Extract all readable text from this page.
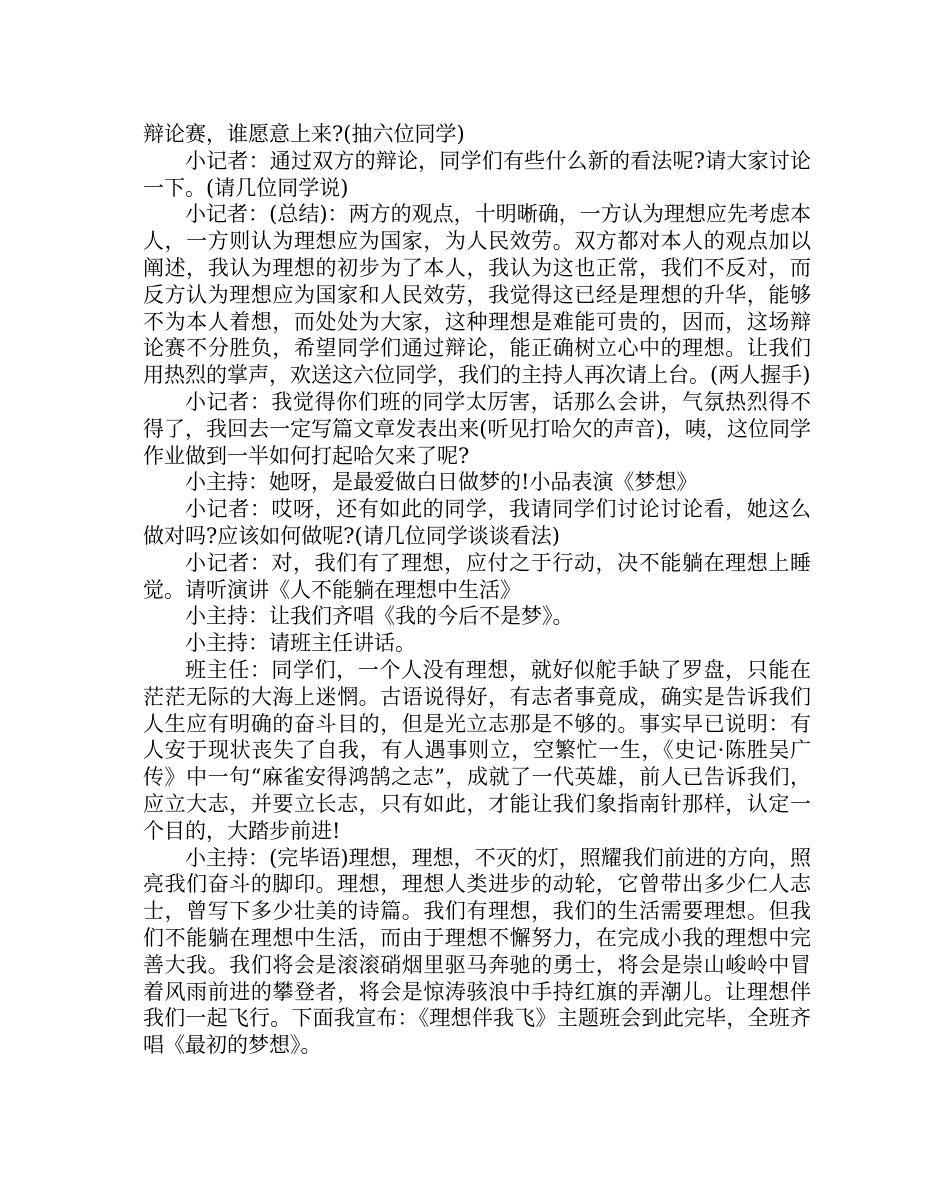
辩论赛，谁愿意上来?(抽六位同学)

小记者：通过双方的辩论，同学们有些什么新的看法呢?请大家讨论一下。(请几位同学说)

小记者：(总结)：两方的观点，十明晰确，一方认为理想应先考虑本人，一方则认为理想应为国家，为人民效劳。双方都对本人的观点加以阐述，我认为理想的初步为了本人，我认为这也正常，我们不反对，而反方认为理想应为国家和人民效劳，我觉得这已经是理想的升华，能够不为本人着想，而处处为大家，这种理想是难能可贵的，因而，这场辩论赛不分胜负，希望同学们通过辩论，能正确树立心中的理想。让我们用热烈的掌声，欢送这六位同学，我们的主持人再次请上台。(两人握手)

小记者：我觉得你们班的同学太厉害，话那么会讲，气氛热烈得不得了，我回去一定写篇文章发表出来(听见打哈欠的声音)，咦，这位同学作业做到一半如何打起哈欠来了呢?

小主持：她呀，是最爱做白日做梦的!小品表演《梦想》

小记者：哎呀，还有如此的同学，我请同学们讨论讨论看，她这么做对吗?应该如何做呢?(请几位同学谈谈看法)

小记者：对，我们有了理想，应付之于行动，决不能躺在理想上睡觉。请听演讲《人不能躺在理想中生活》

小主持：让我们齐唱《我的今后不是梦》。

小主持：请班主任讲话。

班主任：同学们，一个人没有理想，就好似舵手缺了罗盘，只能在茫茫无际的大海上迷惘。古语说得好，有志者事竟成，确实是告诉我们人生应有明确的奋斗目的，但是光立志那是不够的。事实早已说明：有人安于现状丧失了自我，有人遇事则立，空繁忙一生，《史记·陈胜吴广传》中一句“麻雀安得鸿鹄之志”，成就了一代英雄，前人已告诉我们，应立大志，并要立长志，只有如此，才能让我们象指南针那样，认定一个目的，大踏步前进!

小主持：(完毕语)理想，理想，不灭的灯，照耀我们前进的方向，照亮我们奋斗的脚印。理想，理想人类进步的动轮，它曾带出多少仁人志士，曾写下多少壮美的诗篇。我们有理想，我们的生活需要理想。但我们不能躺在理想中生活，而由于理想不懈努力，在完成小我的理想中完善大我。我们将会是滚滚硝烟里驱马奔驰的勇士，将会是崇山峻岭中冒着风雨前进的攀登者，将会是惊涛骇浪中手持红旗的弄潮儿。让理想伴我们一起飞行。下面我宣布：《理想伴我飞》主题班会到此完毕，全班齐唱《最初的梦想》。
